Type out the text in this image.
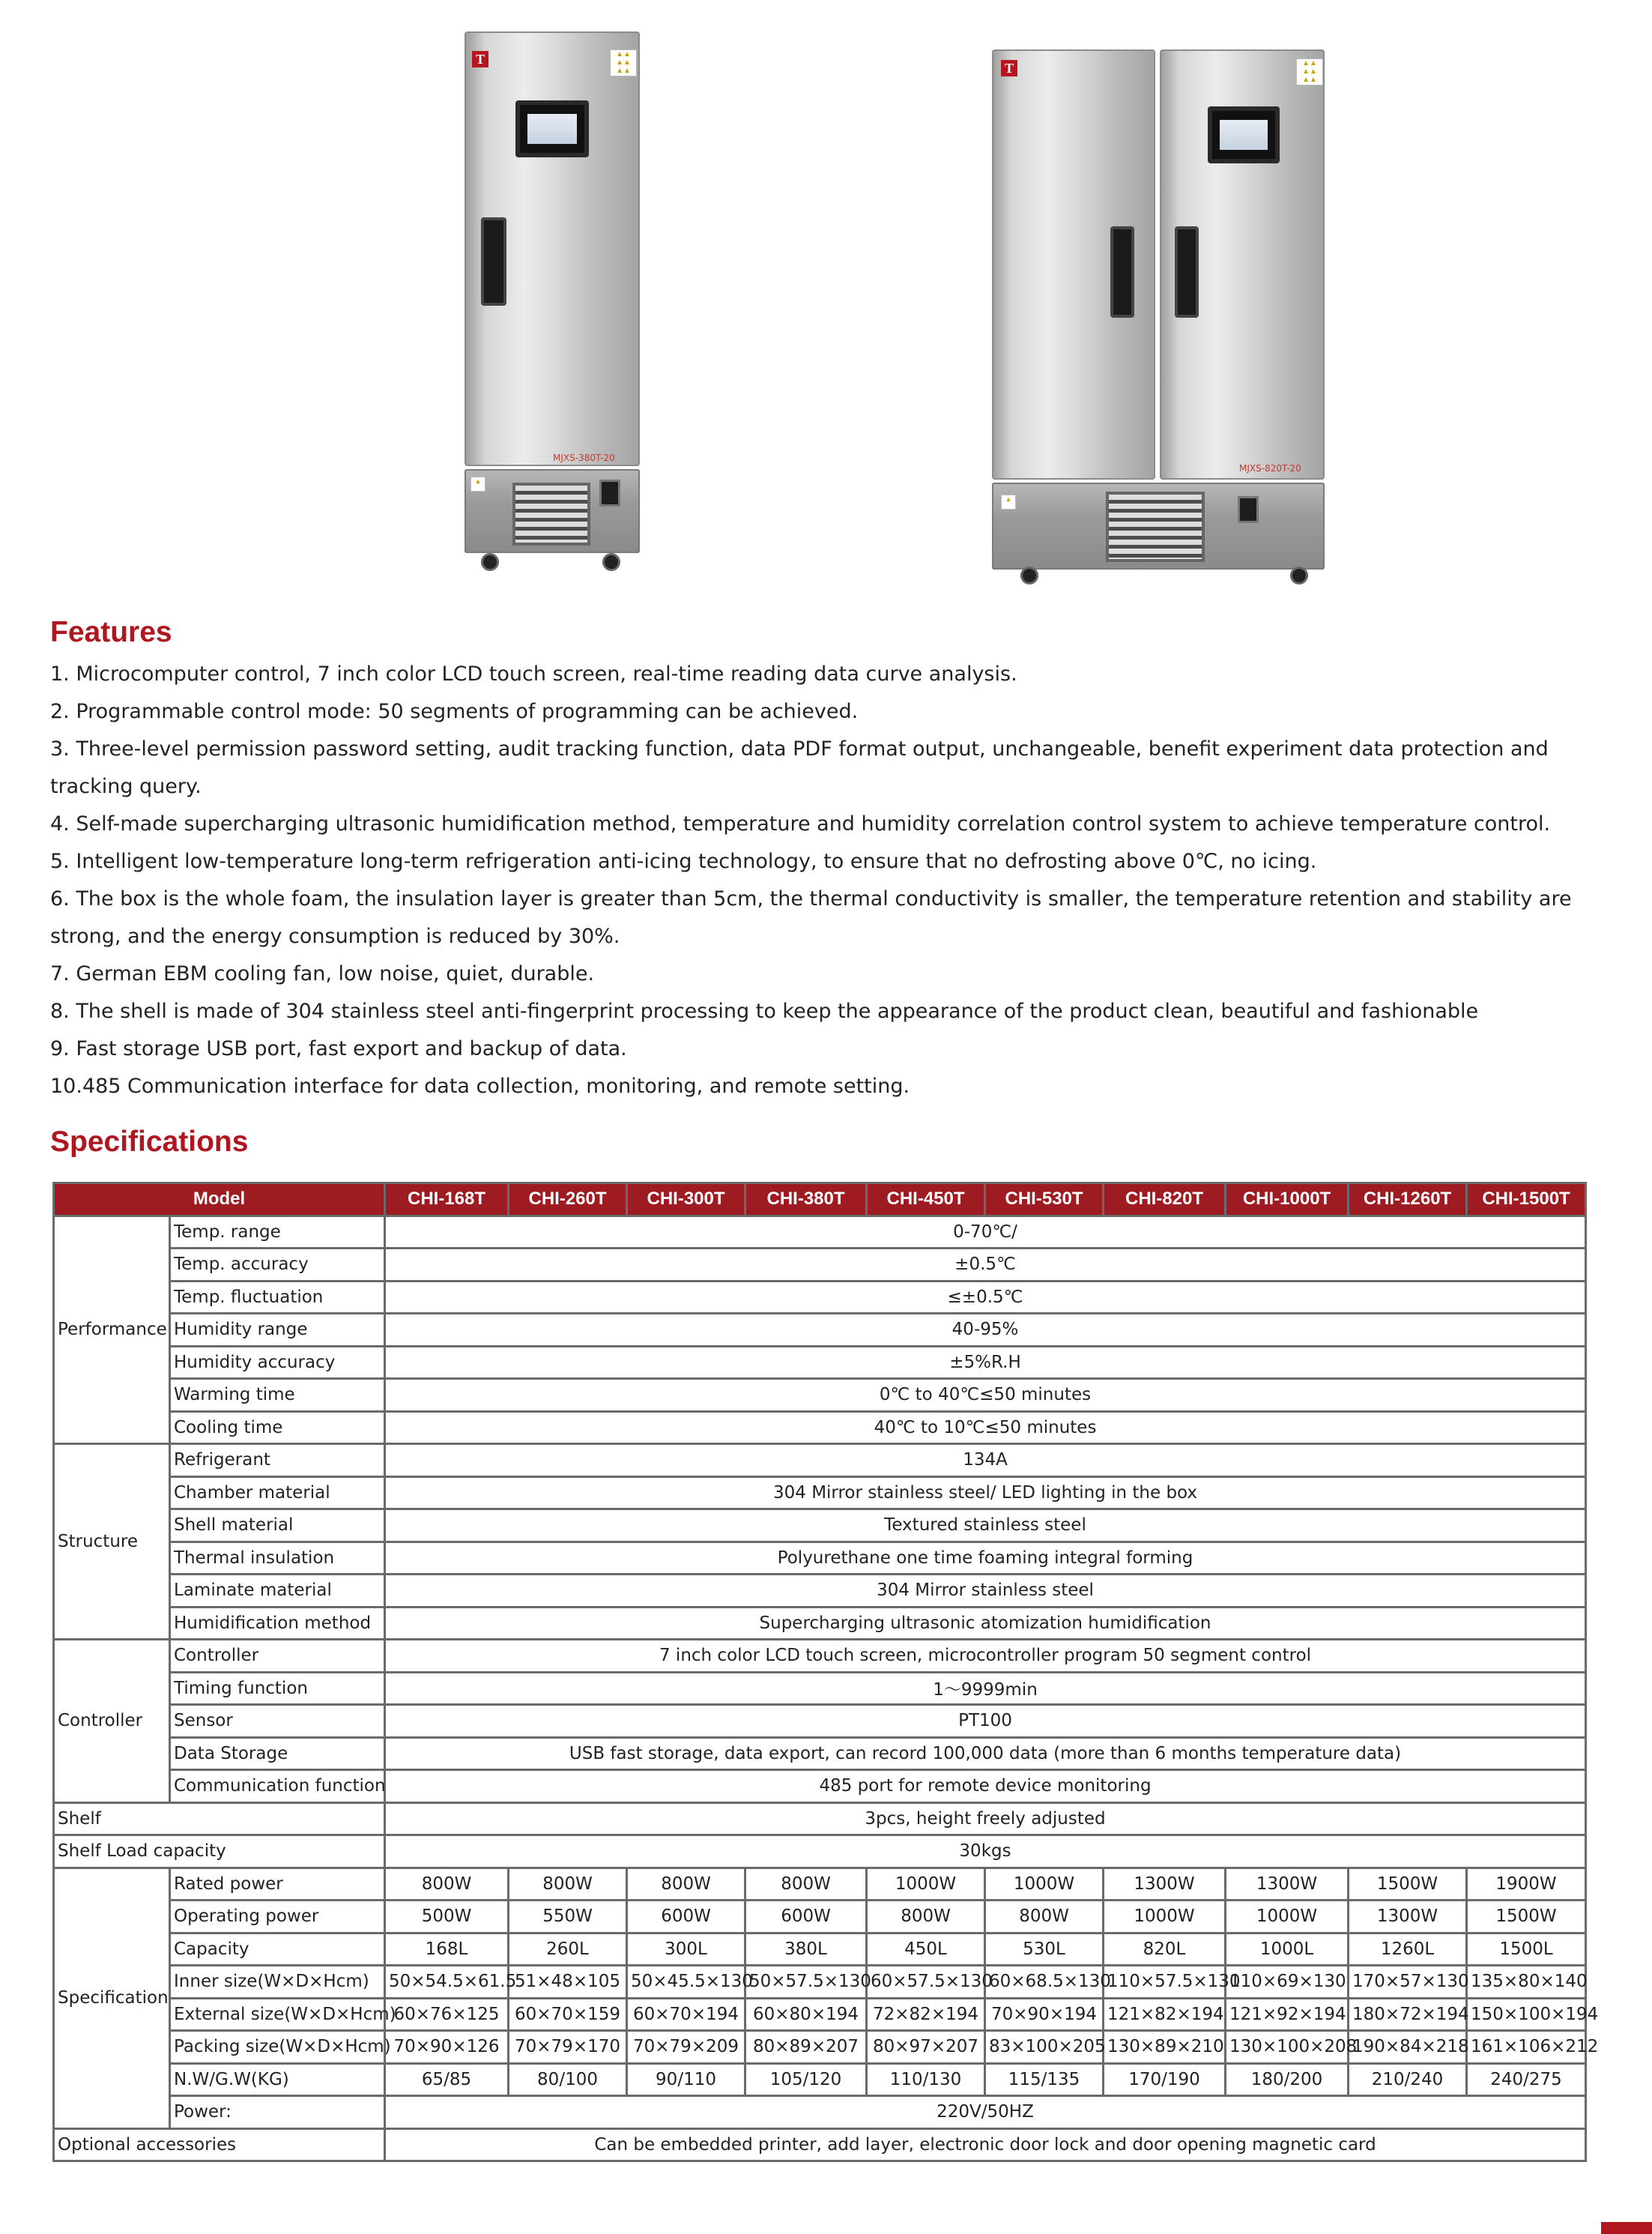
T	▲▲
▲▲
▲▲
MJXS-380T-20
▲
T	▲▲
▲▲
▲▲
MJXS-820T-20
▲
Features
1. Microcomputer control, 7 inch color LCD touch screen, real-time reading data curve analysis.
2. Programmable control mode: 50 segments of programming can be achieved.
3. Three-level permission password setting, audit tracking function, data PDF format output, unchangeable, benefit experiment data protection and tracking query.
4. Self-made supercharging ultrasonic humidification method, temperature and humidity correlation control system to achieve temperature control.
5. Intelligent low-temperature long-term refrigeration anti-icing technology, to ensure that no defrosting above 0℃, no icing.
6. The box is the whole foam, the insulation layer is greater than 5cm, the thermal conductivity is smaller, the temperature retention and stability are strong, and the energy consumption is reduced by 30%.
7. German EBM cooling fan, low noise, quiet, durable.
8. The shell is made of 304 stainless steel anti-fingerprint processing to keep the appearance of the product clean, beautiful and fashionable
9. Fast storage USB port, fast export and backup of data.
10.485 Communication interface for data collection, monitoring, and remote setting.
Specifications
Model		CHI-168T	CHI-260T	CHI-300T	CHI-380T	CHI-450T	CHI-530T	CHI-820T	CHI-1000T	CHI-1260T	CHI-1500T
Performance	Temp. range	0-70℃/									
	Temp. accuracy	±0.5℃									
	Temp. fluctuation	≤±0.5℃									
	Humidity range	40-95%									
	Humidity accuracy	±5%R.H									
	Warming time	0℃ to 40℃≤50 minutes									
	Cooling time	40℃ to 10℃≤50 minutes									
Structure	Refrigerant	134A									
	Chamber material	304 Mirror stainless steel/ LED lighting in the box									
	Shell material	Textured stainless steel									
	Thermal insulation	Polyurethane one time foaming integral forming									
	Laminate material	304 Mirror stainless steel									
	Humidification method	Supercharging ultrasonic atomization humidification									
Controller	Controller	7 inch color LCD touch screen, microcontroller program 50 segment control									
	Timing function	1～9999min									
	Sensor	PT100									
	Data Storage	USB fast storage, data export, can record 100,000 data (more than 6 months temperature data)									
	Communication function	485 port for remote device monitoring									
Shelf		3pcs, height freely adjusted									
Shelf Load capacity		30kgs									
Specification	Rated power	800W	800W	800W	800W	1000W	1000W	1300W	1300W	1500W	1900W
	Operating power	500W	550W	600W	600W	800W	800W	1000W	1000W	1300W	1500W
	Capacity	168L	260L	300L	380L	450L	530L	820L	1000L	1260L	1500L
	Inner size(W×D×Hcm)	50×54.5×61.5	51×48×105	50×45.5×130	50×57.5×130	60×57.5×130	60×68.5×130	110×57.5×130	110×69×130	170×57×130	135×80×140
	External size(W×D×Hcm)	60×76×125	60×70×159	60×70×194	60×80×194	72×82×194	70×90×194	121×82×194	121×92×194	180×72×194	150×100×194
	Packing size(W×D×Hcm)	70×90×126	70×79×170	70×79×209	80×89×207	80×97×207	83×100×205	130×89×210	130×100×208	190×84×218	161×106×212
	N.W/G.W(KG)	65/85	80/100	90/110	105/120	110/130	115/135	170/190	180/200	210/240	240/275
	Power:	220V/50HZ									
Optional accessories		Can be embedded printer, add layer, electronic door lock and door opening magnetic card									
